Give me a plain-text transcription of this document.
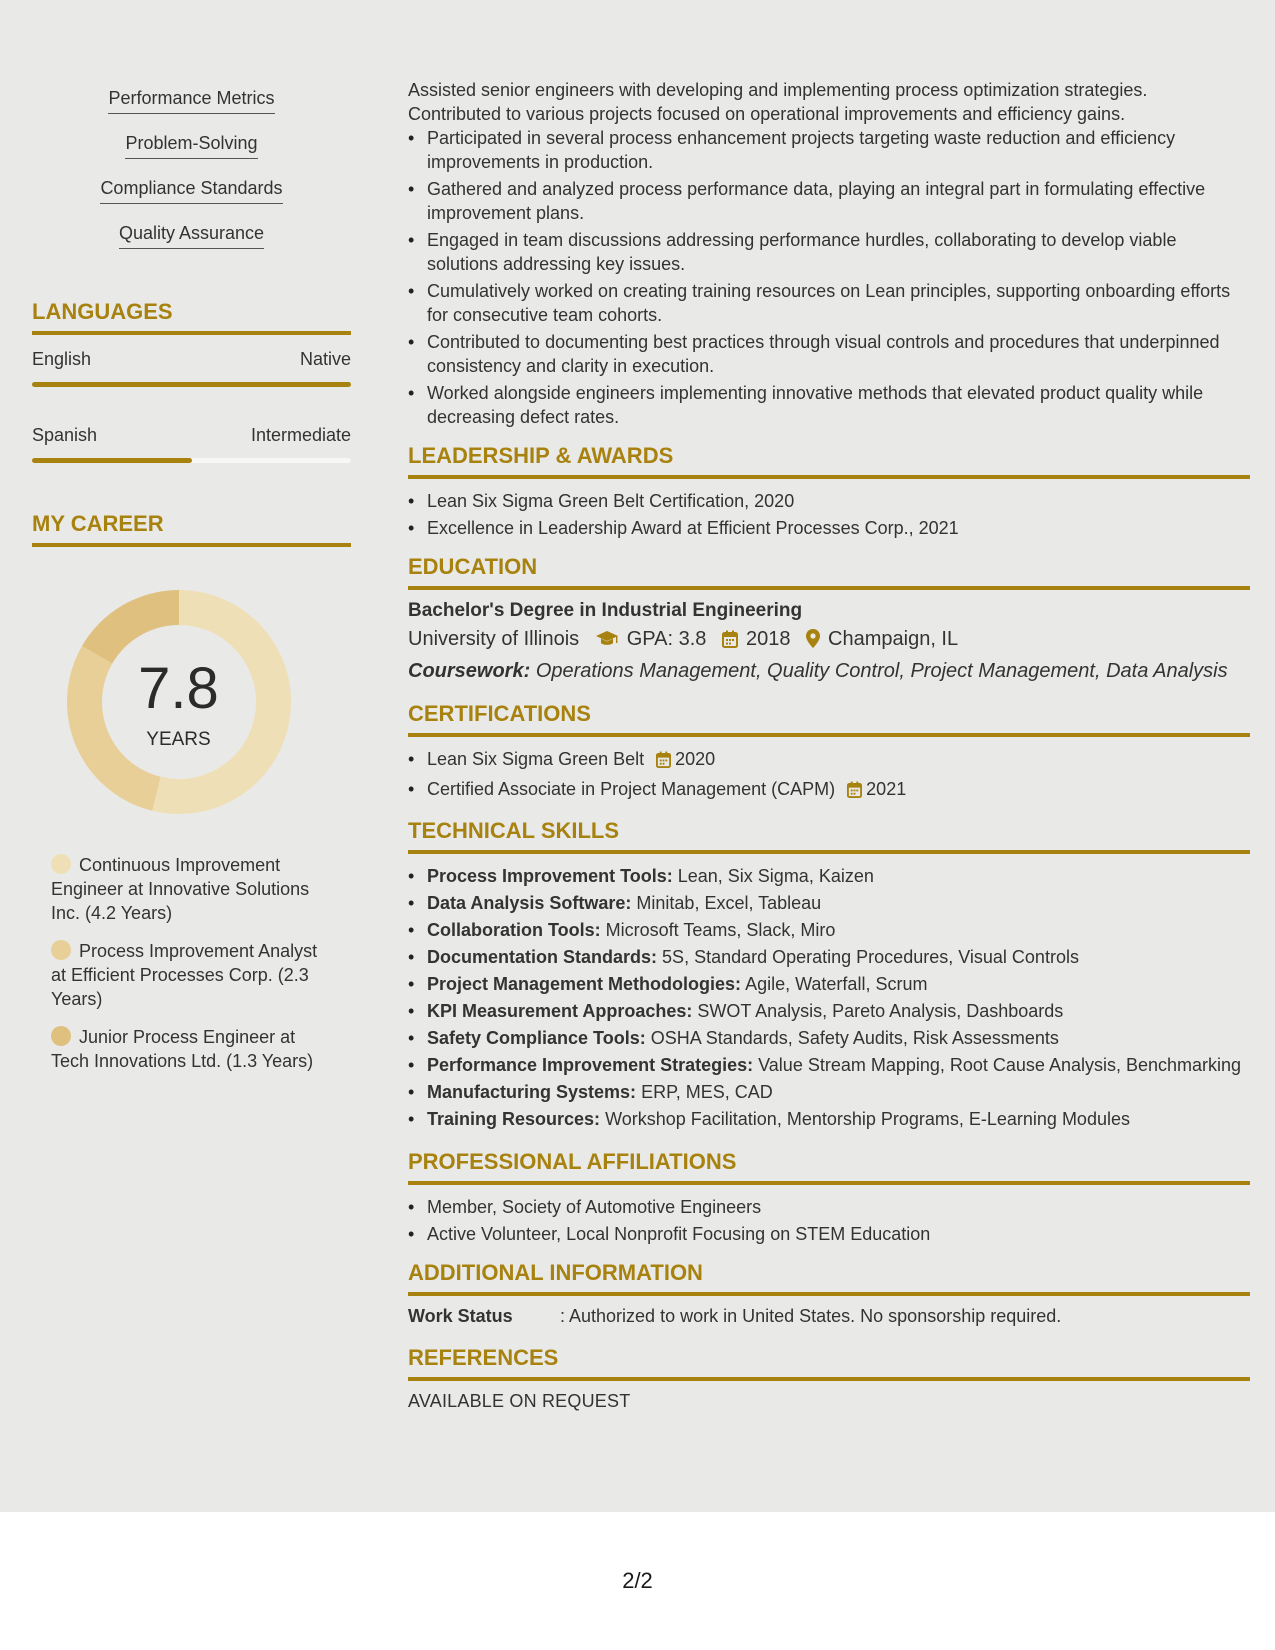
Performance Metrics
Problem-Solving
Compliance Standards
Quality Assurance
LANGUAGES
English	Native
Spanish	Intermediate
MY CAREER
7.8
YEARS
Continuous Improvement Engineer at Innovative Solutions Inc. (4.2 Years)
Process Improvement Analyst at Efficient Processes Corp. (2.3 Years)
Junior Process Engineer at Tech Innovations Ltd. (1.3 Years)
Assisted senior engineers with developing and implementing process optimization strategies.
Contributed to various projects focused on operational improvements and efficiency gains.
• Participated in several process enhancement projects targeting waste reduction and efficiency improvements in production.
• Gathered and analyzed process performance data, playing an integral part in formulating effective improvement plans.
• Engaged in team discussions addressing performance hurdles, collaborating to develop viable solutions addressing key issues.
• Cumulatively worked on creating training resources on Lean principles, supporting onboarding efforts for consecutive team cohorts.
• Contributed to documenting best practices through visual controls and procedures that underpinned consistency and clarity in execution.
• Worked alongside engineers implementing innovative methods that elevated product quality while decreasing defect rates.
LEADERSHIP & AWARDS
• Lean Six Sigma Green Belt Certification, 2020
• Excellence in Leadership Award at Efficient Processes Corp., 2021
EDUCATION
Bachelor's Degree in Industrial Engineering
University of Illinois GPA: 3.8 2018 Champaign, IL
Coursework: Operations Management, Quality Control, Project Management, Data Analysis
CERTIFICATIONS
• Lean Six Sigma Green Belt 2020
• Certified Associate in Project Management (CAPM) 2021
TECHNICAL SKILLS
• Process Improvement Tools: Lean, Six Sigma, Kaizen
• Data Analysis Software: Minitab, Excel, Tableau
• Collaboration Tools: Microsoft Teams, Slack, Miro
• Documentation Standards: 5S, Standard Operating Procedures, Visual Controls
• Project Management Methodologies: Agile, Waterfall, Scrum
• KPI Measurement Approaches: SWOT Analysis, Pareto Analysis, Dashboards
• Safety Compliance Tools: OSHA Standards, Safety Audits, Risk Assessments
• Performance Improvement Strategies: Value Stream Mapping, Root Cause Analysis, Benchmarking
• Manufacturing Systems: ERP, MES, CAD
• Training Resources: Workshop Facilitation, Mentorship Programs, E-Learning Modules
PROFESSIONAL AFFILIATIONS
• Member, Society of Automotive Engineers
• Active Volunteer, Local Nonprofit Focusing on STEM Education
ADDITIONAL INFORMATION
Work Status	: Authorized to work in United States. No sponsorship required.
REFERENCES
AVAILABLE ON REQUEST
2/2
